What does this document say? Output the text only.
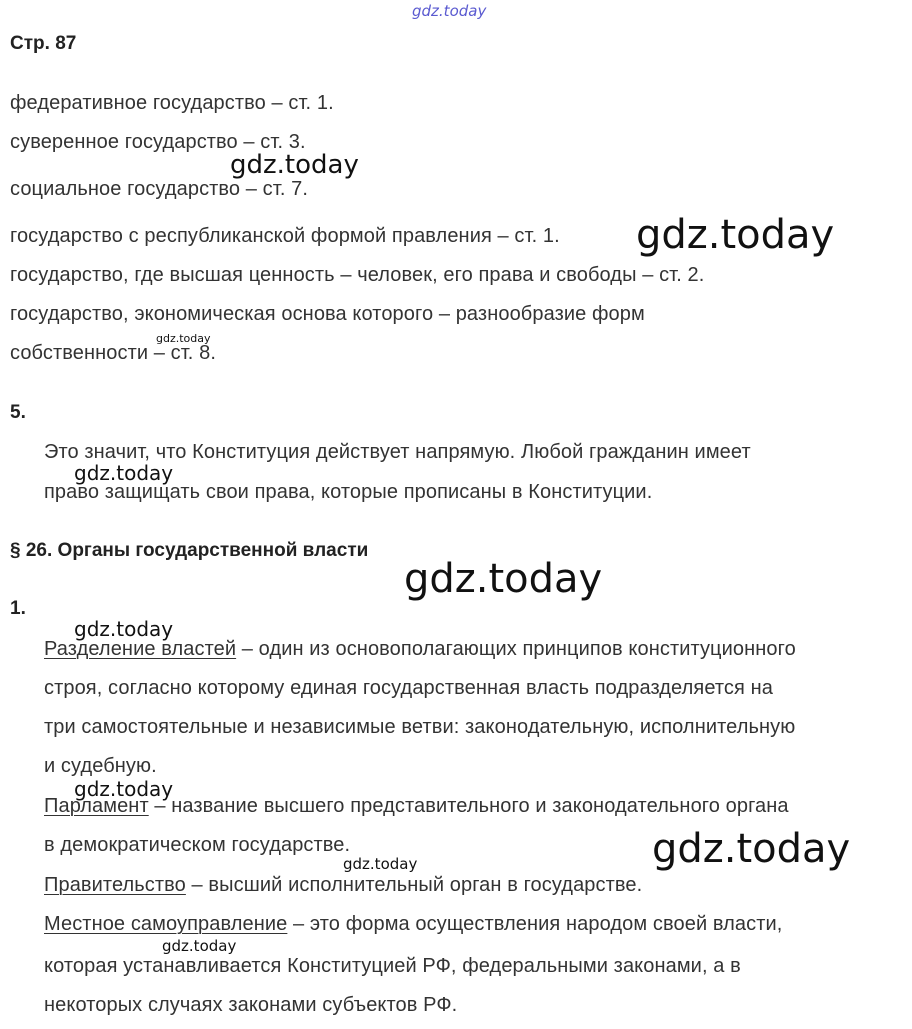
gdz.today
Стр. 87
федеративное государство – ст. 1.
суверенное государство – ст. 3.
социальное государство – ст. 7.
государство с республиканской формой правления – ст. 1.
государство, где высшая ценность – человек, его права и свободы – ст. 2.
государство, экономическая основа которого – разнообразие форм
собственности – ст. 8.
5.
Это значит, что Конституция действует напрямую. Любой гражданин имеет
право защищать свои права, которые прописаны в Конституции.
§ 26. Органы государственной власти
1.
Разделение властей – один из основополагающих принципов конституционного
строя, согласно которому единая государственная власть подразделяется на
три самостоятельные и независимые ветви: законодательную, исполнительную
и судебную.
Парламент – название высшего представительного и законодательного органа
в демократическом государстве.
Правительство – высший исполнительный орган в государстве.
Местное самоуправление – это форма осуществления народом своей власти,
которая устанавливается Конституцией РФ, федеральными законами, а в
некоторых случаях законами субъектов РФ.
gdz.today
gdz.today
gdz.today
gdz.today
gdz.today
gdz.today
gdz.today
gdz.today
gdz.today
gdz.today
